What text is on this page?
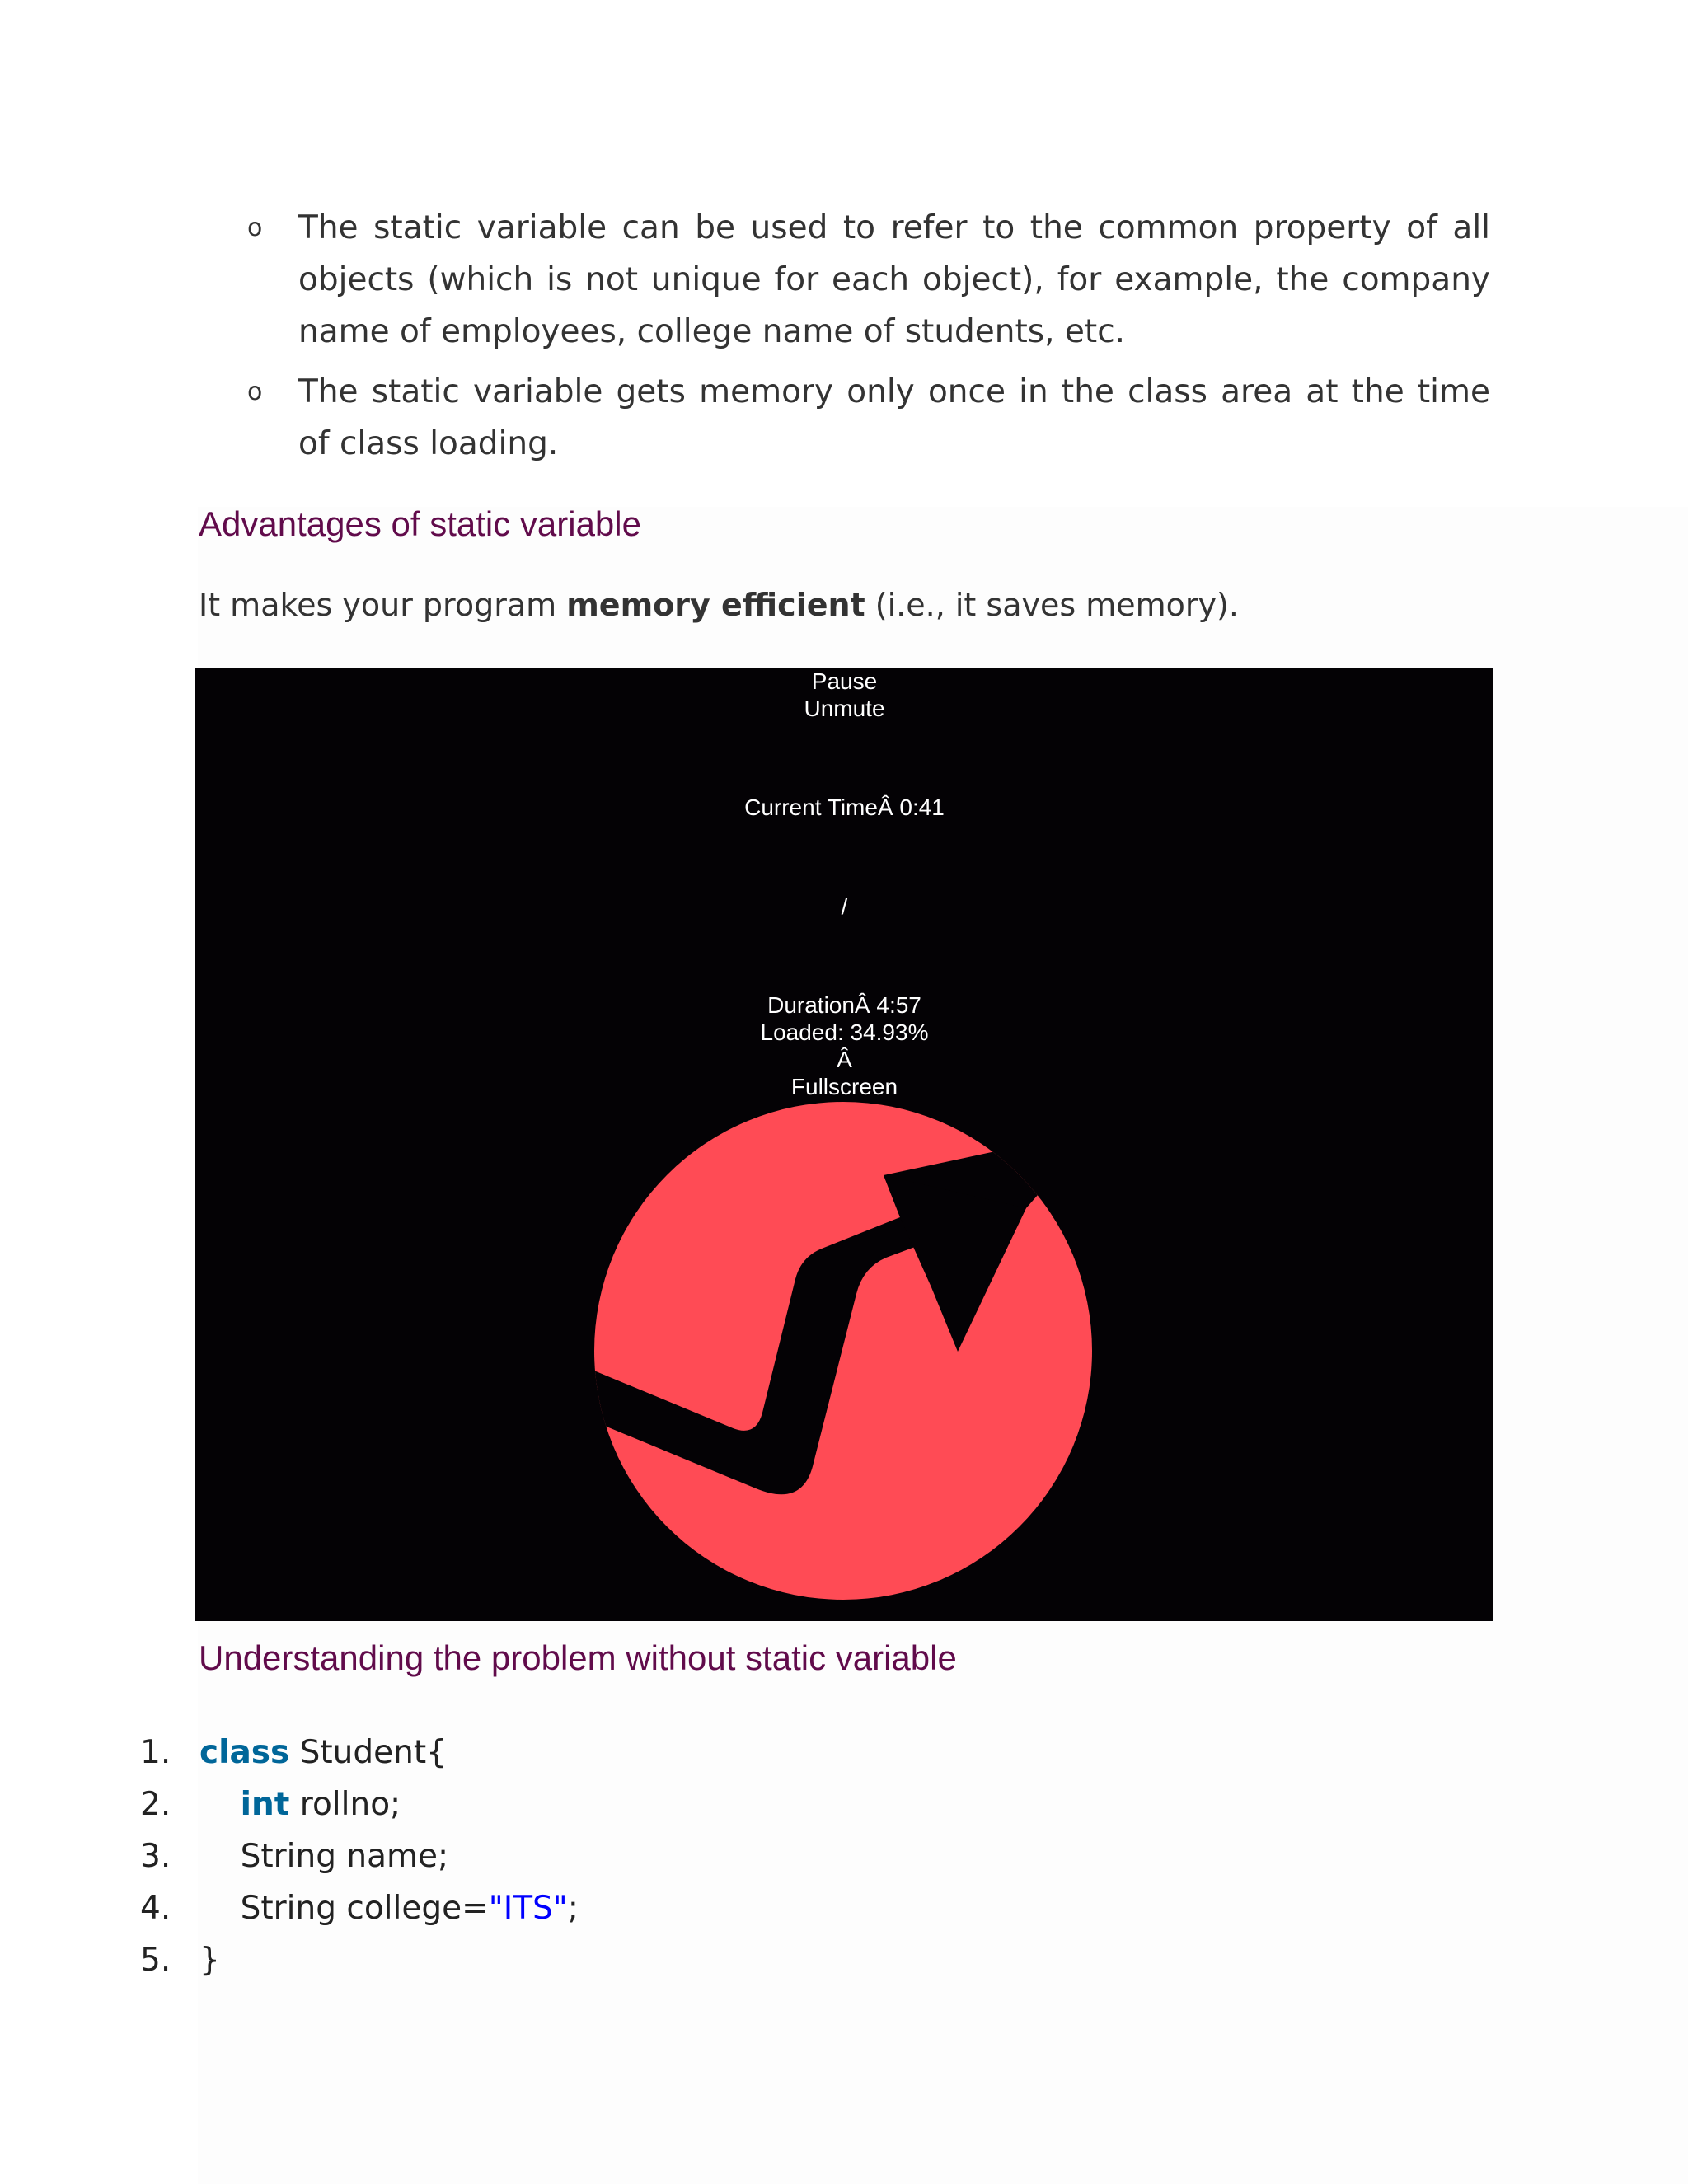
o The static variable can be used to refer to the common property of all objects (which is not unique for each object), for example, the company name of employees, college name of students, etc.
o The static variable gets memory only once in the class area at the time of class loading.
Advantages of static variable
It makes your program memory efficient (i.e., it saves memory).

Pause

Unmute

Current TimeÂ 0:41

/

DurationÂ 4:57

Loaded: 34.93%

Â

Fullscreen

Understanding the problem without static variable
1. class Student{
2. int rollno;
3. String name;
4. String college="ITS";
5. }
